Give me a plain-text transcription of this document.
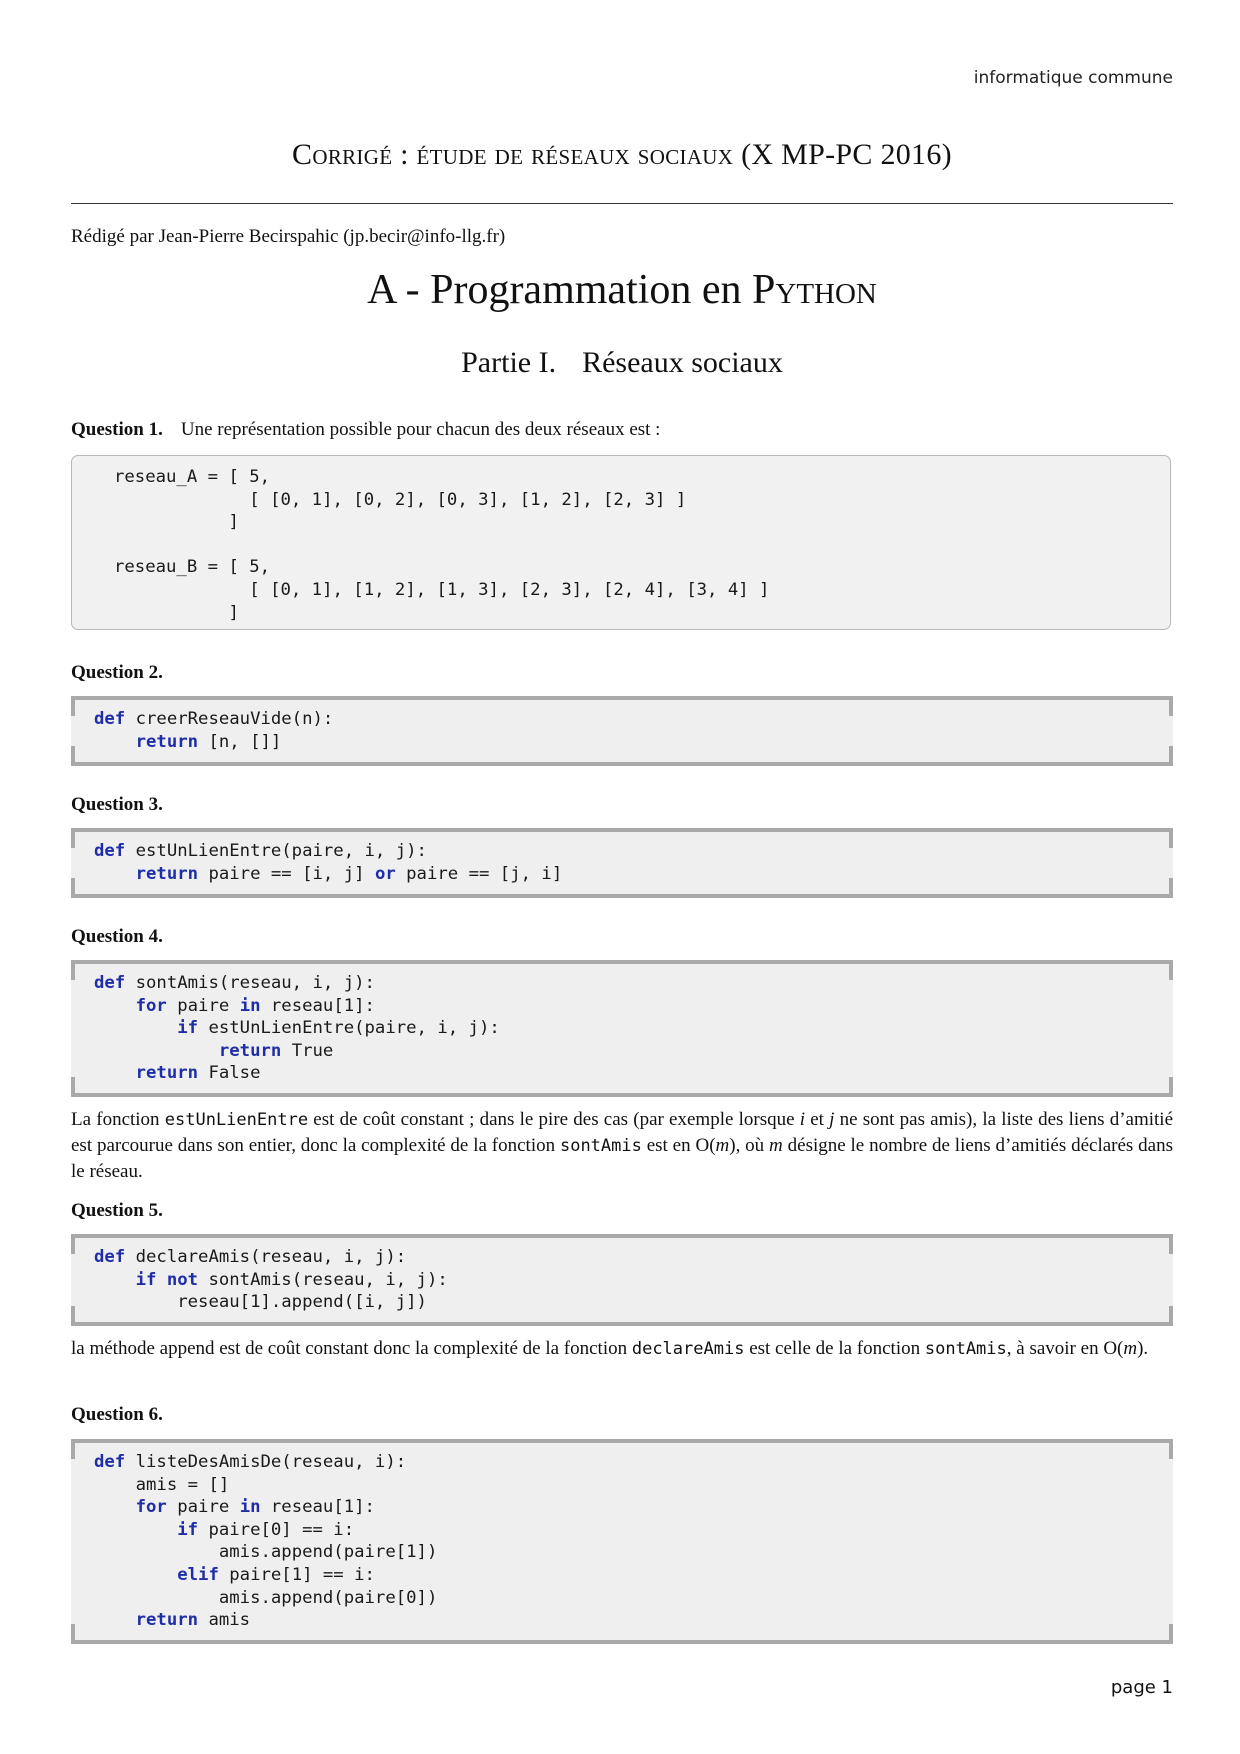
informatique commune
Corrigé : étude de réseaux sociaux (X MP-PC 2016)
Rédigé par Jean-Pierre Becirspahic (jp.becir@info-llg.fr)
A - Programmation en Python
Partie I. Réseaux sociaux
Question 1. Une représentation possible pour chacun des deux réseaux est :
reseau_A = [ 5,
[ [0, 1], [0, 2], [0, 3], [1, 2], [2, 3] ]
]

reseau_B = [ 5,
[ [0, 1], [1, 2], [1, 3], [2, 3], [2, 4], [3, 4] ]
]
Question 2.
def creerReseauVide(n):
return [n, []]
Question 3.
def estUnLienEntre(paire, i, j):
return paire == [i, j] or paire == [j, i]
Question 4.
def sontAmis(reseau, i, j):
for paire in reseau[1]:
if estUnLienEntre(paire, i, j):
return True
return False
La fonction estUnLienEntre est de coût constant ; dans le pire des cas (par exemple lorsque i et j ne sont pas amis), la liste des liens d’amitié est parcourue dans son entier, donc la complexité de la fonction sontAmis est en O(m), où m désigne le nombre de liens d’amitiés déclarés dans le réseau.
Question 5.
def declareAmis(reseau, i, j):
if not sontAmis(reseau, i, j):
reseau[1].append([i, j])
la méthode append est de coût constant donc la complexité de la fonction declareAmis est celle de la fonction sontAmis, à savoir en O(m).
Question 6.
def listeDesAmisDe(reseau, i):
amis = []
for paire in reseau[1]:
if paire[0] == i:
amis.append(paire[1])
elif paire[1] == i:
amis.append(paire[0])
return amis
page 1
